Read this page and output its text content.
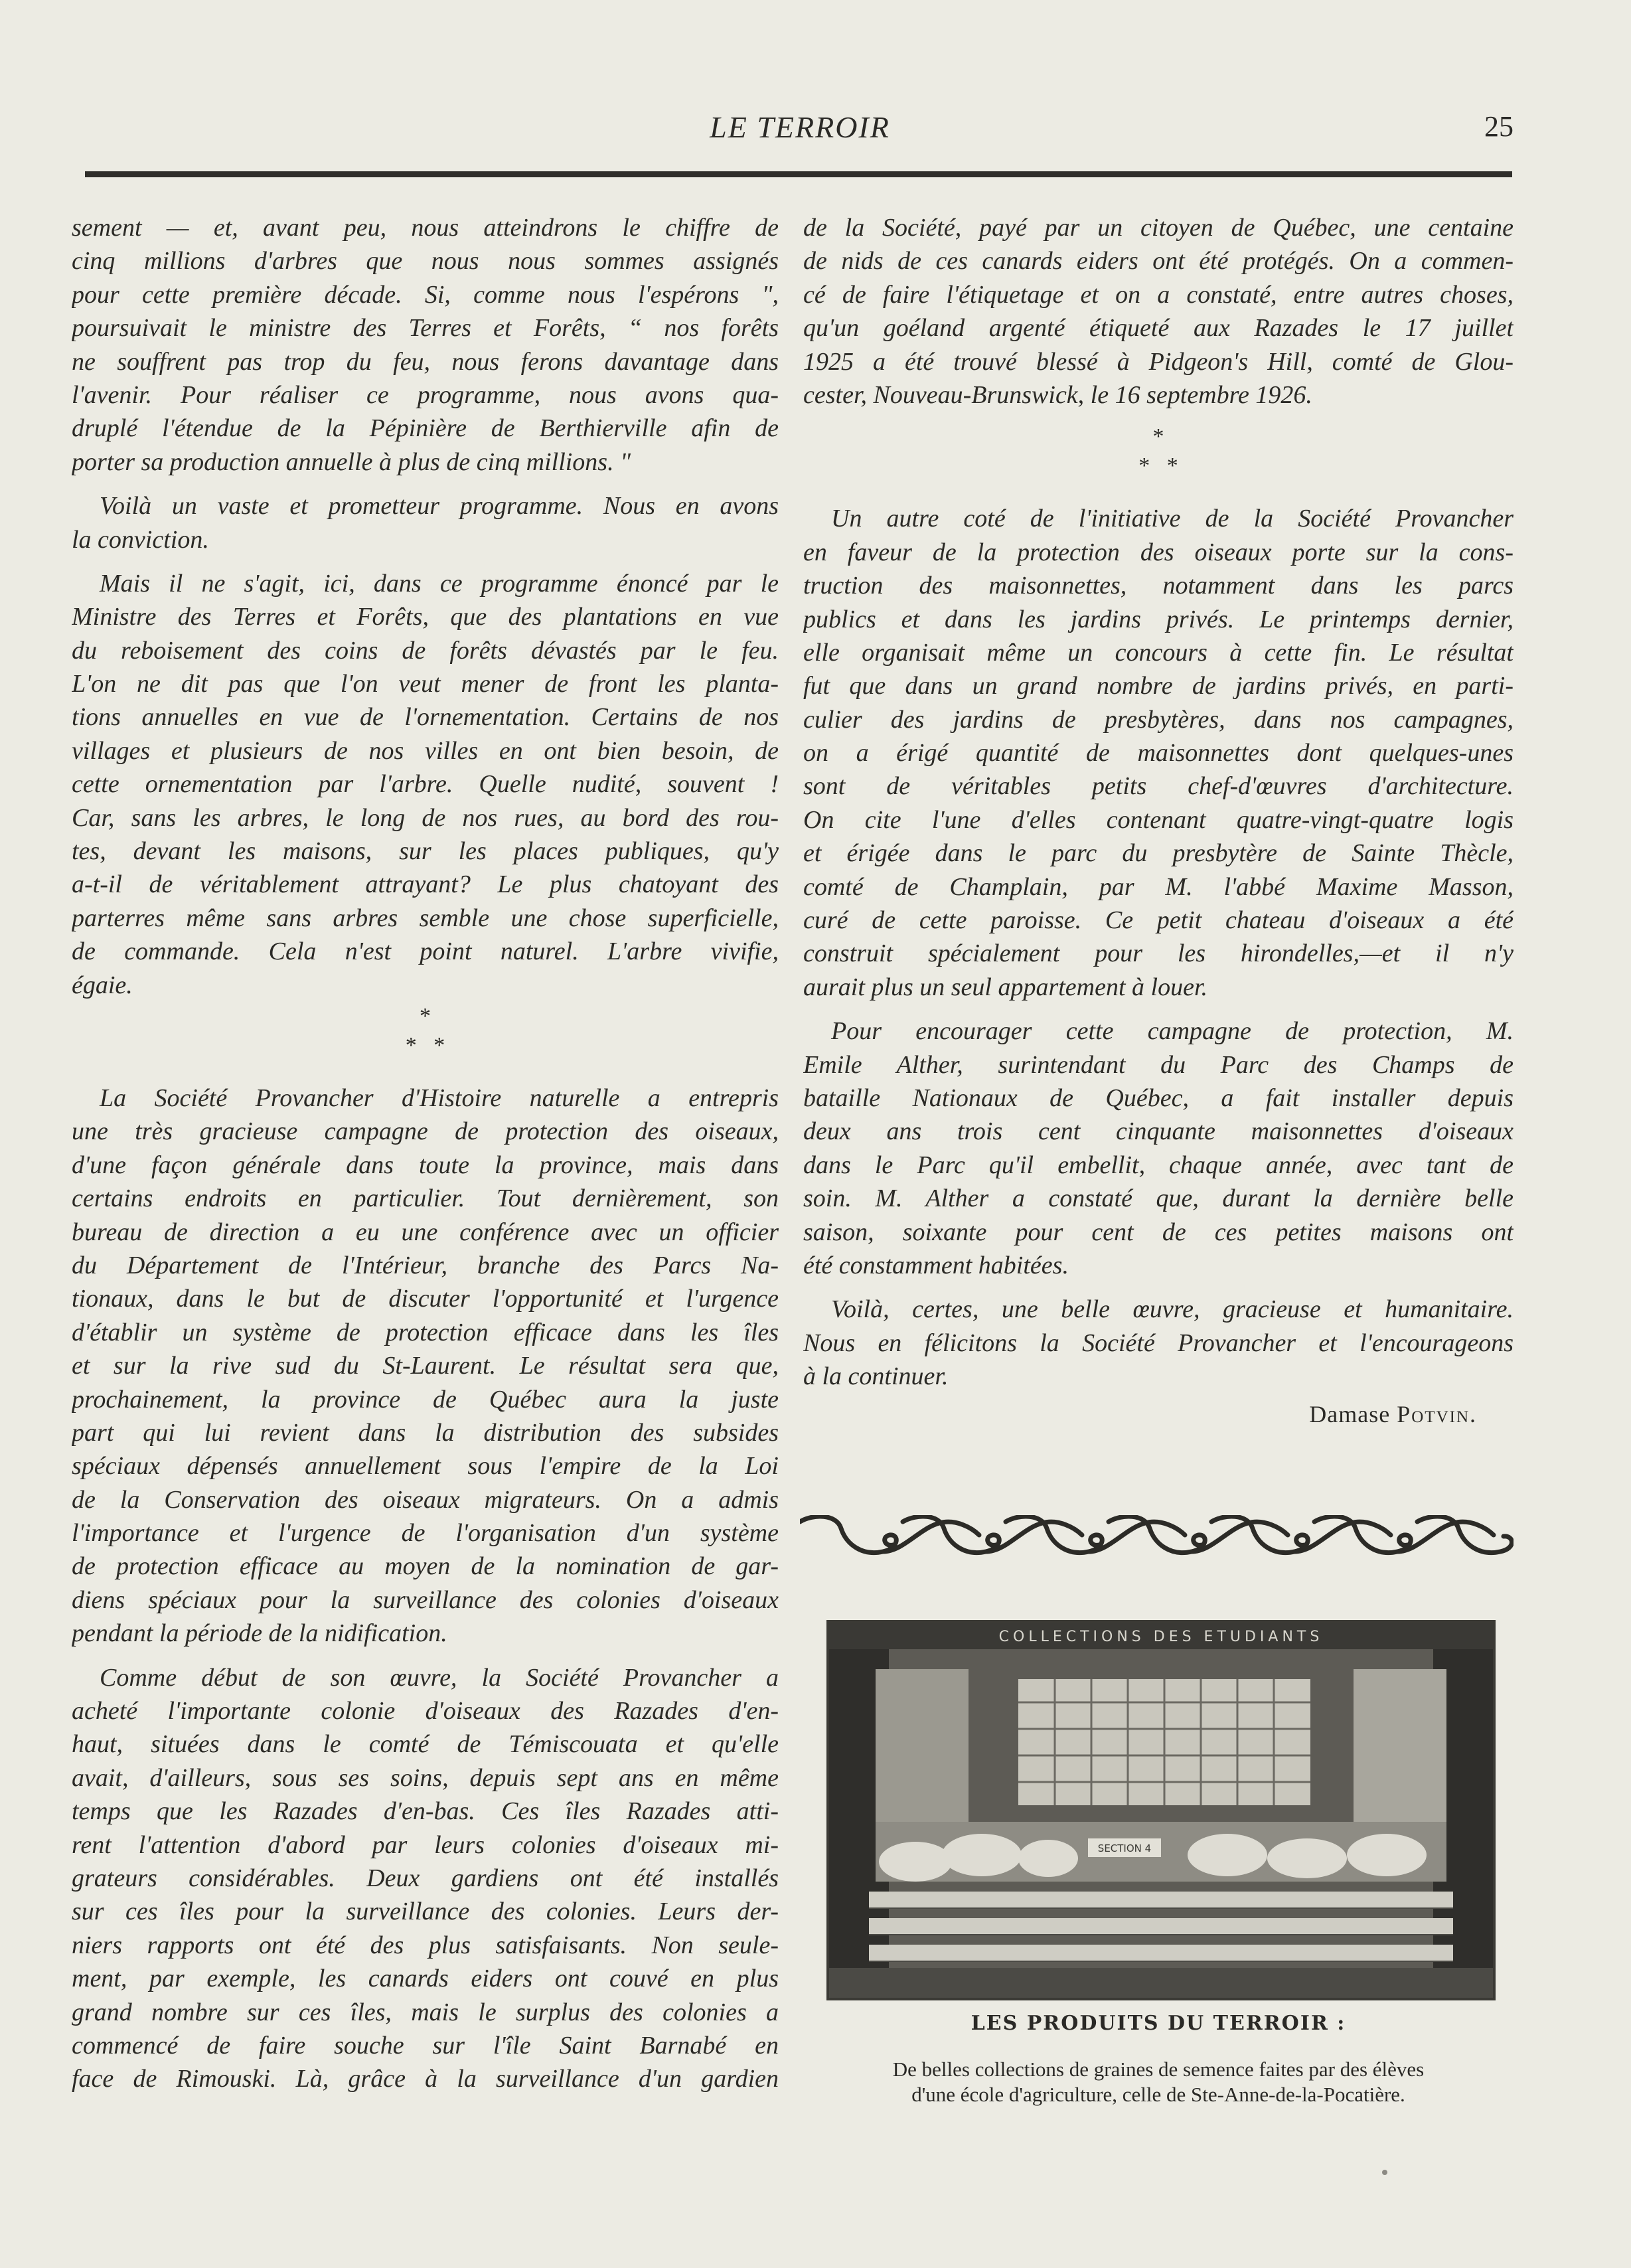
LE TERROIR	25
sement — et, avant peu, nous atteindrons le chiffre de
cinq millions d'arbres que nous nous sommes assignés
pour cette première décade. Si, comme nous l'espérons ",
poursuivait le ministre des Terres et Forêts, “ nos forêts
ne souffrent pas trop du feu, nous ferons davantage dans
l'avenir. Pour réaliser ce programme, nous avons qua-
druplé l'étendue de la Pépinière de Berthierville afin de
porter sa production annuelle à plus de cinq millions. "
Voilà un vaste et prometteur programme. Nous en avons
la conviction.
Mais il ne s'agit, ici, dans ce programme énoncé par le
Ministre des Terres et Forêts, que des plantations en vue
du reboisement des coins de forêts dévastés par le feu.
L'on ne dit pas que l'on veut mener de front les planta-
tions annuelles en vue de l'ornementation. Certains de nos
villages et plusieurs de nos villes en ont bien besoin, de
cette ornementation par l'arbre. Quelle nudité, souvent !
Car, sans les arbres, le long de nos rues, au bord des rou-
tes, devant les maisons, sur les places publiques, qu'y
a-t-il de véritablement attrayant? Le plus chatoyant des
parterres même sans arbres semble une chose superficielle,
de commande. Cela n'est point naturel. L'arbre vivifie,
égaie.
*
*   *
La Société Provancher d'Histoire naturelle a entrepris
une très gracieuse campagne de protection des oiseaux,
d'une façon générale dans toute la province, mais dans
certains endroits en particulier. Tout dernièrement, son
bureau de direction a eu une conférence avec un officier
du Département de l'Intérieur, branche des Parcs Na-
tionaux, dans le but de discuter l'opportunité et l'urgence
d'établir un système de protection efficace dans les îles
et sur la rive sud du St-Laurent. Le résultat sera que,
prochainement, la province de Québec aura la juste
part qui lui revient dans la distribution des subsides
spéciaux dépensés annuellement sous l'empire de la Loi
de la Conservation des oiseaux migrateurs. On a admis
l'importance et l'urgence de l'organisation d'un système
de protection efficace au moyen de la nomination de gar-
diens spéciaux pour la surveillance des colonies d'oiseaux
pendant la période de la nidification.
Comme début de son œuvre, la Société Provancher a
acheté l'importante colonie d'oiseaux des Razades d'en-
haut, situées dans le comté de Témiscouata et qu'elle
avait, d'ailleurs, sous ses soins, depuis sept ans en même
temps que les Razades d'en-bas. Ces îles Razades atti-
rent l'attention d'abord par leurs colonies d'oiseaux mi-
grateurs considérables. Deux gardiens ont été installés
sur ces îles pour la surveillance des colonies. Leurs der-
niers rapports ont été des plus satisfaisants. Non seule-
ment, par exemple, les canards eiders ont couvé en plus
grand nombre sur ces îles, mais le surplus des colonies a
commencé de faire souche sur l'île Saint Barnabé en
face de Rimouski. Là, grâce à la surveillance d'un gardien
de la Société, payé par un citoyen de Québec, une centaine
de nids de ces canards eiders ont été protégés. On a commen-
cé de faire l'étiquetage et on a constaté, entre autres choses,
qu'un goéland argenté étiqueté aux Razades le 17 juillet
1925 a été trouvé blessé à Pidgeon's Hill, comté de Glou-
cester, Nouveau-Brunswick, le 16 septembre 1926.
*
*   *
Un autre coté de l'initiative de la Société Provancher
en faveur de la protection des oiseaux porte sur la cons-
truction des maisonnettes, notamment dans les parcs
publics et dans les jardins privés. Le printemps dernier,
elle organisait même un concours à cette fin. Le résultat
fut que dans un grand nombre de jardins privés, en parti-
culier des jardins de presbytères, dans nos campagnes,
on a érigé quantité de maisonnettes dont quelques-unes
sont de véritables petits chef-d'œuvres d'architecture.
On cite l'une d'elles contenant quatre-vingt-quatre logis
et érigée dans le parc du presbytère de Sainte Thècle,
comté de Champlain, par M. l'abbé Maxime Masson,
curé de cette paroisse. Ce petit chateau d'oiseaux a été
construit spécialement pour les hirondelles,—et il n'y
aurait plus un seul appartement à louer.
Pour encourager cette campagne de protection, M.
Emile Alther, surintendant du Parc des Champs de
bataille Nationaux de Québec, a fait installer depuis
deux ans trois cent cinquante maisonnettes d'oiseaux
dans le Parc qu'il embellit, chaque année, avec tant de
soin. M. Alther a constaté que, durant la dernière belle
saison, soixante pour cent de ces petites maisons ont
été constamment habitées.
Voilà, certes, une belle œuvre, gracieuse et humanitaire.
Nous en félicitons la Société Provancher et l'encourageons
à la continuer.
Damase Potvin.
COLLECTIONS DES ETUDIANTS
SECTION 4
LES PRODUITS DU TERROIR :
De belles collections de graines de semence faites par des élèves
d'une école d'agriculture, celle de Ste-Anne-de-la-Pocatière.
